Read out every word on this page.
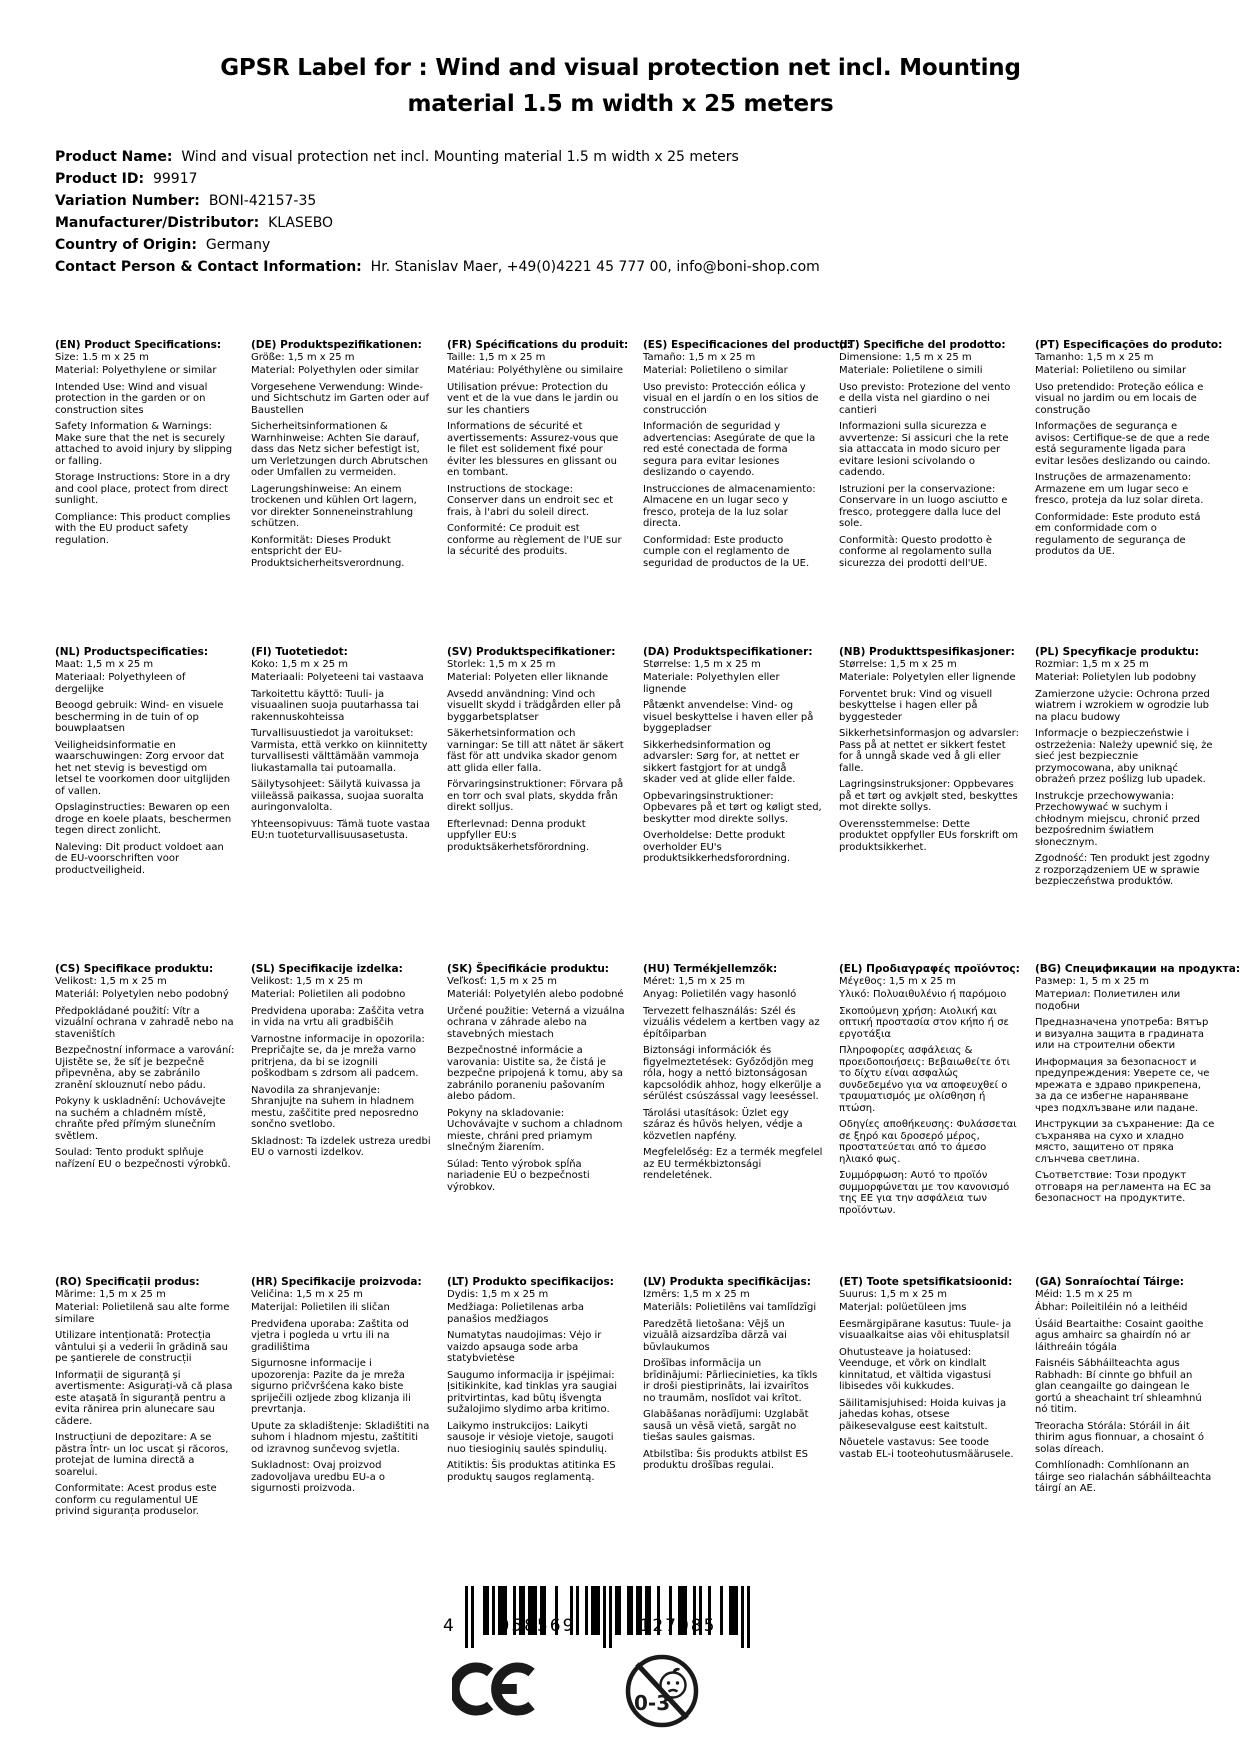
GPSR Label for : Wind and visual protection net incl. Mounting
material 1.5 m width x 25 meters
Product Name:  Wind and visual protection net incl. Mounting material 1.5 m width x 25 meters
Product ID:  99917
Variation Number:  BONI-42157-35
Manufacturer/Distributor:  KLASEBO
Country of Origin:  Germany
Contact Person & Contact Information:  Hr. Stanislav Maer, +49(0)4221 45 777 00, info@boni-shop.com
(EN) Product Specifications:

Size: 1.5 m x 25 m

Material: Polyethylene or similar

Intended Use: Wind and visual protection in the garden or on construction sites

Safety Information & Warnings: Make sure that the net is securely attached to avoid injury by slipping or falling.

Storage Instructions: Store in a dry and cool place, protect from direct sunlight.

Compliance: This product complies with the EU product safety regulation.

(DE) Produktspezifikationen:

Größe: 1,5 m x 25 m

Material: Polyethylen oder similar

Vorgesehene Verwendung: Winde- und Sichtschutz im Garten oder auf Baustellen

Sicherheitsinformationen & Warnhinweise: Achten Sie darauf, dass das Netz sicher befestigt ist, um Verletzungen durch Abrutschen oder Umfallen zu vermeiden.

Lagerungshinweise: An einem trockenen und kühlen Ort lagern, vor direkter Sonneneinstrahlung schützen.

Konformität: Dieses Produkt entspricht der EU-Produktsicherheitsverordnung.

(FR) Spécifications du produit:

Taille: 1,5 m x 25 m

Matériau: Polyéthylène ou similaire

Utilisation prévue: Protection du vent et de la vue dans le jardin ou sur les chantiers

Informations de sécurité et avertissements: Assurez-vous que le filet est solidement fixé pour éviter les blessures en glissant ou en tombant.

Instructions de stockage: Conserver dans un endroit sec et frais, à l'abri du soleil direct.

Conformité: Ce produit est conforme au règlement de l'UE sur la sécurité des produits.

(ES) Especificaciones del producto:

Tamaño: 1,5 m x 25 m

Material: Polietileno o similar

Uso previsto: Protección eólica y visual en el jardín o en los sitios de construcción

Información de seguridad y advertencias: Asegúrate de que la red esté conectada de forma segura para evitar lesiones deslizando o cayendo.

Instrucciones de almacenamiento: Almacene en un lugar seco y fresco, proteja de la luz solar directa.

Conformidad: Este producto cumple con el reglamento de seguridad de productos de la UE.

(IT) Specifiche del prodotto:

Dimensione: 1,5 m x 25 m

Materiale: Polietilene o simili

Uso previsto: Protezione del vento e della vista nel giardino o nei cantieri

Informazioni sulla sicurezza e avvertenze: Si assicuri che la rete sia attaccata in modo sicuro per evitare lesioni scivolando o cadendo.

Istruzioni per la conservazione: Conservare in un luogo asciutto e fresco, proteggere dalla luce del sole.

Conformità: Questo prodotto è conforme al regolamento sulla sicurezza dei prodotti dell'UE.

(PT) Especificações do produto:

Tamanho: 1,5 m x 25 m

Material: Polietileno ou similar

Uso pretendido: Proteção eólica e visual no jardim ou em locais de construção

Informações de segurança e avisos: Certifique-se de que a rede está seguramente ligada para evitar lesões deslizando ou caindo.

Instruções de armazenamento: Armazene em um lugar seco e fresco, proteja da luz solar direta.

Conformidade: Este produto está em conformidade com o regulamento de segurança de produtos da UE.

(NL) Productspecificaties:

Maat: 1,5 m x 25 m

Materiaal: Polyethyleen of dergelijke

Beoogd gebruik: Wind- en visuele bescherming in de tuin of op bouwplaatsen

Veiligheidsinformatie en waarschuwingen: Zorg ervoor dat het net stevig is bevestigd om letsel te voorkomen door uitglijden of vallen.

Opslaginstructies: Bewaren op een droge en koele plaats, beschermen tegen direct zonlicht.

Naleving: Dit product voldoet aan de EU-voorschriften voor productveiligheid.

(FI) Tuotetiedot:

Koko: 1,5 m x 25 m

Materiaali: Polyeteeni tai vastaava

Tarkoitettu käyttö: Tuuli- ja visuaalinen suoja puutarhassa tai rakennuskohteissa

Turvallisuustiedot ja varoitukset: Varmista, että verkko on kiinnitetty turvallisesti välttämään vammoja liukastamalla tai putoamalla.

Säilytysohjeet: Säilytä kuivassa ja viileässä paikassa, suojaa suoralta auringonvalolta.

Yhteensopivuus: Tämä tuote vastaa EU:n tuoteturvallisuusasetusta.

(SV) Produktspecifikationer:

Storlek: 1,5 m x 25 m

Material: Polyeten eller liknande

Avsedd användning: Vind och visuellt skydd i trädgården eller på byggarbetsplatser

Säkerhetsinformation och varningar: Se till att nätet är säkert fäst för att undvika skador genom att glida eller falla.

Förvaringsinstruktioner: Förvara på en torr och sval plats, skydda från direkt solljus.

Efterlevnad: Denna produkt uppfyller EU:s produktsäkerhetsförordning.

(DA) Produktspecifikationer:

Størrelse: 1,5 m x 25 m

Materiale: Polyethylen eller lignende

Påtænkt anvendelse: Vind- og visuel beskyttelse i haven eller på byggepladser

Sikkerhedsinformation og advarsler: Sørg for, at nettet er sikkert fastgjort for at undgå skader ved at glide eller falde.

Opbevaringsinstruktioner: Opbevares på et tørt og køligt sted, beskytter mod direkte sollys.

Overholdelse: Dette produkt overholder EU's produktsikkerhedsforordning.

(NB) Produkttspesifikasjoner:

Størrelse: 1,5 m x 25 m

Materiale: Polyetylen eller lignende

Forventet bruk: Vind og visuell beskyttelse i hagen eller på byggesteder

Sikkerhetsinformasjon og advarsler: Pass på at nettet er sikkert festet for å unngå skade ved å gli eller falle.

Lagringsinstruksjoner: Oppbevares på et tørt og avkjølt sted, beskyttes mot direkte sollys.

Overensstemmelse: Dette produktet oppfyller EUs forskrift om produktsikkerhet.

(PL) Specyfikacje produktu:

Rozmiar: 1,5 m x 25 m

Materiał: Polietylen lub podobny

Zamierzone użycie: Ochrona przed wiatrem i wzrokiem w ogrodzie lub na placu budowy

Informacje o bezpieczeństwie i ostrzeżenia: Należy upewnić się, że sieć jest bezpiecznie przymocowana, aby uniknąć obrażeń przez poślizg lub upadek.

Instrukcje przechowywania: Przechowywać w suchym i chłodnym miejscu, chronić przed bezpośrednim światłem słonecznym.

Zgodność: Ten produkt jest zgodny z rozporządzeniem UE w sprawie bezpieczeństwa produktów.

(CS) Specifikace produktu:

Velikost: 1,5 m x 25 m

Materiál: Polyetylen nebo podobný

Předpokládané použití: Vítr a vizuální ochrana v zahradě nebo na staveništích

Bezpečnostní informace a varování: Ujistěte se, že síť je bezpečně připevněna, aby se zabránilo zranění sklouznutí nebo pádu.

Pokyny k uskladnění: Uchovávejte na suchém a chladném místě, chraňte před přímým slunečním světlem.

Soulad: Tento produkt splňuje nařízení EU o bezpečnosti výrobků.

(SL) Specifikacije izdelka:

Velikost: 1,5 m x 25 m

Material: Polietilen ali podobno

Predvidena uporaba: Zaščita vetra in vida na vrtu ali gradbiščih

Varnostne informacije in opozorila: Prepričajte se, da je mreža varno pritrjena, da bi se izognili poškodbam s zdrsom ali padcem.

Navodila za shranjevanje: Shranjujte na suhem in hladnem mestu, zaščitite pred neposredno sončno svetlobo.

Skladnost: Ta izdelek ustreza uredbi EU o varnosti izdelkov.

(SK) Špecifikácie produktu:

Veľkosť: 1,5 m x 25 m

Materiál: Polyetylén alebo podobné

Určené použitie: Veterná a vizuálna ochrana v záhrade alebo na stavebných miestach

Bezpečnostné informácie a varovania: Uistite sa, že čistá je bezpečne pripojená k tomu, aby sa zabránilo poraneniu pašovaním alebo pádom.

Pokyny na skladovanie: Uchovávajte v suchom a chladnom mieste, chráni pred priamym slnečným žiarením.

Súlad: Tento výrobok spĺňa nariadenie EÚ o bezpečnosti výrobkov.

(HU) Termékjellemzők:

Méret: 1,5 m x 25 m

Anyag: Polietilén vagy hasonló

Tervezett felhasználás: Szél és vizuális védelem a kertben vagy az építőiparban

Biztonsági információk és figyelmeztetések: Győződjön meg róla, hogy a nettó biztonságosan kapcsolódik ahhoz, hogy elkerülje a sérülést csúszással vagy leeséssel.

Tárolási utasítások: Üzlet egy száraz és hűvös helyen, védje a közvetlen napfény.

Megfelelőség: Ez a termék megfelel az EU termékbiztonsági rendeletének.

(EL) Προδιαγραφές προϊόντος:

Μέγεθος: 1,5 m x 25 m

Υλικό: Πολυαιθυλένιο ή παρόμοιο

Σκοπούμενη χρήση: Αιολική και οπτική προστασία στον κήπο ή σε εργοτάξια

Πληροφορίες ασφάλειας & προειδοποιήσεις: Βεβαιωθείτε ότι το δίχτυ είναι ασφαλώς συνδεδεμένο για να αποφευχθεί ο τραυματισμός με ολίσθηση ή πτώση.

Οδηγίες αποθήκευσης: Φυλάσσεται σε ξηρό και δροσερό μέρος, προστατεύεται από το άμεσο ηλιακό φως.

Συμμόρφωση: Αυτό το προϊόν συμμορφώνεται με τον κανονισμό της ΕΕ για την ασφάλεια των προϊόντων.

(BG) Спецификации на продукта:

Размер: 1, 5 m x 25 m

Материал: Полиетилен или подобни

Предназначена употреба: Вятър и визуална защита в градината или на строителни обекти

Информация за безопасност и предупреждения: Уверете се, че мрежата е здраво прикрепена, за да се избегне нараняване чрез подхлъзване или падане.

Инструкции за съхранение: Да се съхранява на сухо и хладно място, защитено от пряка слънчева светлина.

Съответствие: Този продукт отговаря на регламента на ЕС за безопасност на продуктите.

(RO) Specificații produs:

Mărime: 1,5 m x 25 m

Material: Polietilenă sau alte forme similare

Utilizare intenționată: Protecția vântului și a vederii în grădină sau pe șantierele de construcții

Informații de siguranță și avertismente: Asigurați-vă că plasa este atașată în siguranță pentru a evita rănirea prin alunecare sau cădere.

Instrucțiuni de depozitare: A se păstra într- un loc uscat și răcoros, protejat de lumina directă a soarelui.

Conformitate: Acest produs este conform cu regulamentul UE privind siguranța produselor.

(HR) Specifikacije proizvoda:

Veličina: 1,5 m x 25 m

Materijal: Polietilen ili sličan

Predviđena uporaba: Zaštita od vjetra i pogleda u vrtu ili na gradilištima

Sigurnosne informacije i upozorenja: Pazite da je mreža sigurno pričvršćena kako biste spriječili ozljede zbog klizanja ili prevrtanja.

Upute za skladištenje: Skladištiti na suhom i hladnom mjestu, zaštititi od izravnog sunčevog svjetla.

Sukladnost: Ovaj proizvod zadovoljava uredbu EU-a o sigurnosti proizvoda.

(LT) Produkto specifikacijos:

Dydis: 1,5 m x 25 m

Medžiaga: Polietilenas arba panašios medžiagos

Numatytas naudojimas: Vėjo ir vaizdo apsauga sode arba statybvietėse

Saugumo informacija ir įspėjimai: Įsitikinkite, kad tinklas yra saugiai pritvirtintas, kad būtų išvengta sužalojimo slydimo arba kritimo.

Laikymo instrukcijos: Laikyti sausoje ir vėsioje vietoje, saugoti nuo tiesioginių saulės spindulių.

Atitiktis: Šis produktas atitinka ES produktų saugos reglamentą.

(LV) Produkta specifikācijas:

Izmērs: 1,5 m x 25 m

Materiāls: Polietilēns vai tamlīdzīgi

Paredzētā lietošana: Vējš un vizuālā aizsardzība dārzā vai būvlaukumos

Drošības informācija un brīdinājumi: Pārliecinieties, ka tīkls ir droši piestiprināts, lai izvairītos no traumām, noslīdot vai krītot.

Glabāšanas norādījumi: Uzglabāt sausā un vēsā vietā, sargāt no tiešas saules gaismas.

Atbilstība: Šis produkts atbilst ES produktu drošības regulai.

(ET) Toote spetsifikatsioonid:

Suurus: 1,5 m x 25 m

Materjal: polüetüleen jms

Eesmärgipärane kasutus: Tuule- ja visuaalkaitse aias või ehitusplatsil

Ohutusteave ja hoiatused: Veenduge, et võrk on kindlalt kinnitatud, et vältida vigastusi libisedes või kukkudes.

Säilitamisjuhised: Hoida kuivas ja jahedas kohas, otsese päikesevalguse eest kaitstult.

Nõuetele vastavus: See toode vastab EL-i tooteohutusmäärusele.

(GA) Sonraíochtaí Táirge:

Méid: 1.5 m x 25 m

Ábhar: Poileitiléin nó a leithéid

Úsáid Beartaithe: Cosaint gaoithe agus amhairc sa ghairdín nó ar láithreáin tógála

Faisnéis Sábháilteachta agus Rabhadh: Bí cinnte go bhfuil an glan ceangailte go daingean le gortú a sheachaint trí shleamhnú nó titim.

Treoracha Stórála: Stóráil in áit thirim agus fionnuar, a chosaint ó solas díreach.

Comhlíonadh: Comhlíonann an táirge seo rialachán sábháilteachta táirgí an AE.

4	058569	127085
0-3
